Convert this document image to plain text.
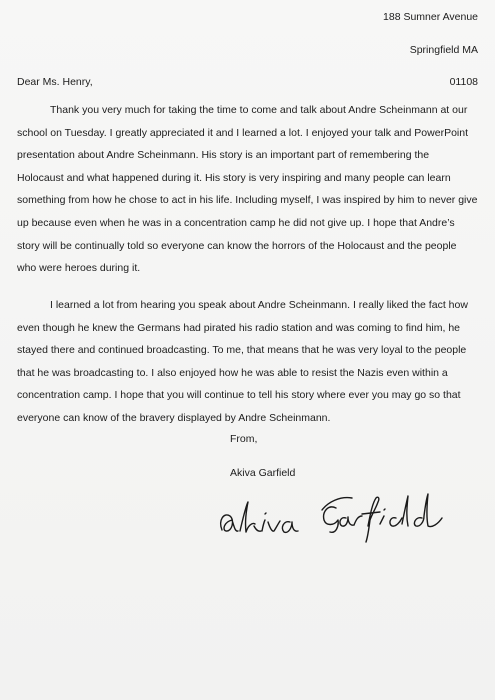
188 Sumner Avenue
Springfield MA
Dear Ms. Henry,	01108

Thank you very much for taking the time to come and talk about Andre Scheinmann at our school on Tuesday. I greatly appreciated it and I learned a lot. I enjoyed your talk and PowerPoint presentation about Andre Scheinmann. His story is an important part of remembering the Holocaust and what happened during it. His story is very inspiring and many people can learn something from how he chose to act in his life. Including myself, I was inspired by him to never give up because even when he was in a concentration camp he did not give up. I hope that Andre’s story will be continually told so everyone can know the horrors of the Holocaust and the people who were heroes during it.

I learned a lot from hearing you speak about Andre Scheinmann. I really liked the fact how even though he knew the Germans had pirated his radio station and was coming to find him, he stayed there and continued broadcasting. To me, that means that he was very loyal to the people that he was broadcasting to. I also enjoyed how he was able to resist the Nazis even within a concentration camp. I hope that you will continue to tell his story where ever you may go so that everyone can know of the bravery displayed by Andre Scheinmann.

From,
Akiva Garfield
